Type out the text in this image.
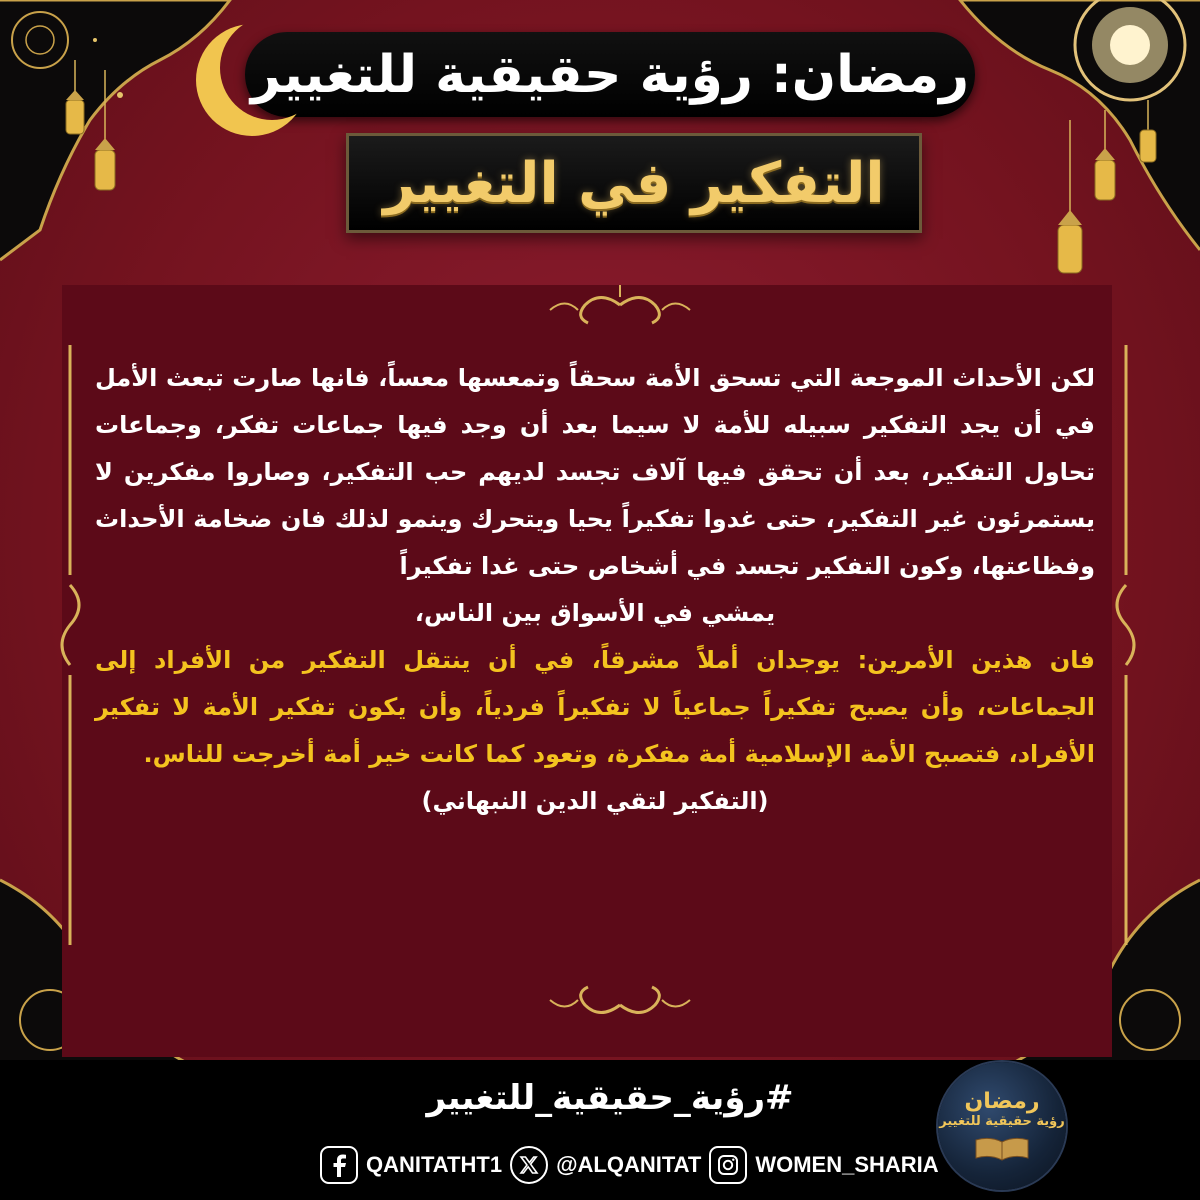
رمضان: رؤية حقيقية للتغيير
التفكير في التغيير

لكن الأحداث الموجعة التي تسحق الأمة سحقاً وتمعسها معساً، فانها صارت تبعث الأمل في أن يجد التفكير سبيله للأمة لا سيما بعد أن وجد فيها جماعات تفكر، وجماعات تحاول التفكير، بعد أن تحقق فيها آلاف تجسد لديهم حب التفكير، وصاروا مفكرين لا يستمرئون غير التفكير، حتى غدوا تفكيراً يحيا ويتحرك وينمو لذلك فان ضخامة الأحداث وفظاعتها، وكون التفكير تجسد في أشخاص حتى غدا تفكيراً

يمشي في الأسواق بين الناس،

فان هذين الأمرين: يوجدان أملاً مشرقاً، في أن ينتقل التفكير من الأفراد إلى الجماعات، وأن يصبح تفكيراً جماعياً لا تفكيراً فردياً، وأن يكون تفكير الأمة لا تفكير الأفراد، فتصبح الأمة الإسلامية أمة مفكرة، وتعود كما كانت خير أمة أخرجت للناس.

(التفكير لتقي الدين النبهاني)

#رؤية_حقيقية_للتغيير
QANITATHT1 @ALQANITAT WOMEN_SHARIA
رمضان
رؤية حقيقية للتغيير
